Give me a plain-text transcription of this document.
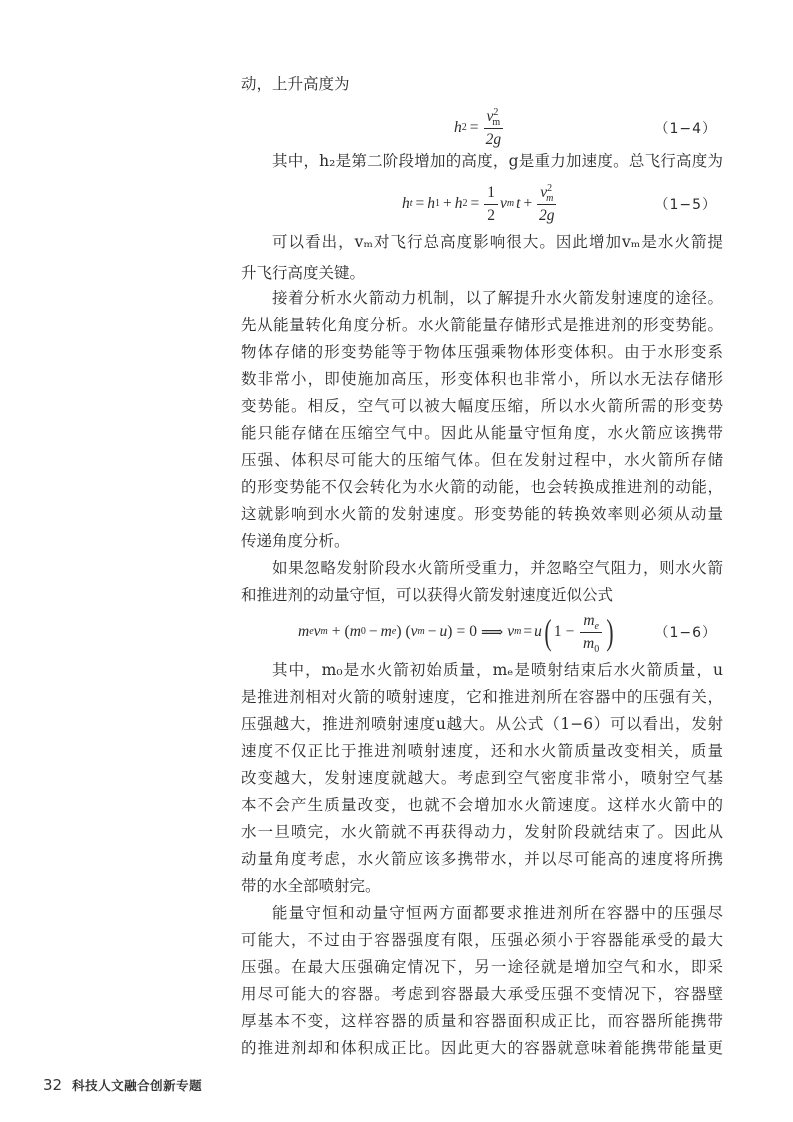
动，上升高度为
h $2 = \frac{v^2_m}{2g}$	（1−4）
其中，h₂是第二阶段增加的高度，g是重力加速度。总飞行高度为
h t = h 1 + h $2 = \frac{1}{2}$ v m $t + \frac{v^2_m}{2g}$	（1−5）
可以看出，vₘ对飞行总高度影响很大。因此增加vₘ是水火箭提
升飞行高度关键。
接着分析水火箭动力机制，以了解提升水火箭发射速度的途径。
先从能量转化角度分析。水火箭能量存储形式是推进剂的形变势能。
物体存储的形变势能等于物体压强乘物体形变体积。由于水形变系
数非常小，即使施加高压，形变体积也非常小，所以水无法存储形
变势能。相反，空气可以被大幅度压缩，所以水火箭所需的形变势
能只能存储在压缩空气中。因此从能量守恒角度，水火箭应该携带
压强、体积尽可能大的压缩气体。但在发射过程中，水火箭所存储
的形变势能不仅会转化为水火箭的动能，也会转换成推进剂的动能，
这就影响到水火箭的发射速度。形变势能的转换效率则必须从动量
传递角度分析。
如果忽略发射阶段水火箭所受重力，并忽略空气阻力，则水火箭
和推进剂的动量守恒，可以获得火箭发射速度近似公式
m e v m + ( m 0 − m e ) ( v m − u ) = 0 ⟹ v m = u ( $1 - \frac{m_e}{m_0}$ )	（1−6）
其中，m₀是水火箭初始质量，mₑ是喷射结束后水火箭质量，u
是推进剂相对火箭的喷射速度，它和推进剂所在容器中的压强有关，
压强越大，推进剂喷射速度u越大。从公式（1−6）可以看出，发射
速度不仅正比于推进剂喷射速度，还和水火箭质量改变相关，质量
改变越大，发射速度就越大。考虑到空气密度非常小，喷射空气基
本不会产生质量改变，也就不会增加水火箭速度。这样水火箭中的
水一旦喷完，水火箭就不再获得动力，发射阶段就结束了。因此从
动量角度考虑，水火箭应该多携带水，并以尽可能高的速度将所携
带的水全部喷射完。
能量守恒和动量守恒两方面都要求推进剂所在容器中的压强尽
可能大，不过由于容器强度有限，压强必须小于容器能承受的最大
压强。在最大压强确定情况下，另一途径就是增加空气和水，即采
用尽可能大的容器。考虑到容器最大承受压强不变情况下，容器壁
厚基本不变，这样容器的质量和容器面积成正比，而容器所能携带
的推进剂却和体积成正比。因此更大的容器就意味着能携带能量更
32 科技人文融合创新专题
